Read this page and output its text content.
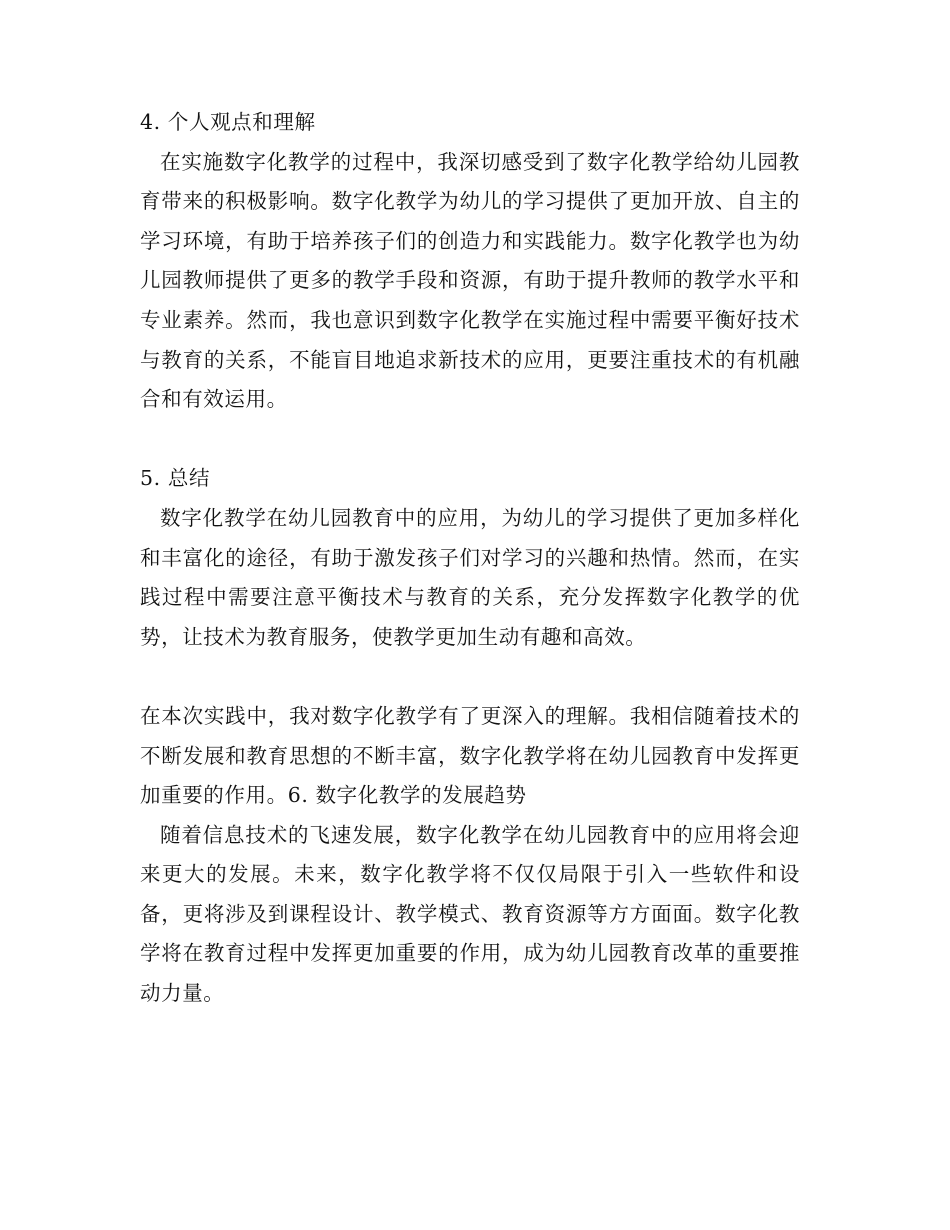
4. 个人观点和理解

在实施数字化教学的过程中，我深切感受到了数字化教学给幼儿园教育带来的积极影响。数字化教学为幼儿的学习提供了更加开放、自主的学习环境，有助于培养孩子们的创造力和实践能力。数字化教学也为幼儿园教师提供了更多的教学手段和资源，有助于提升教师的教学水平和专业素养。然而，我也意识到数字化教学在实施过程中需要平衡好技术与教育的关系，不能盲目地追求新技术的应用，更要注重技术的有机融合和有效运用。

5. 总结

数字化教学在幼儿园教育中的应用，为幼儿的学习提供了更加多样化和丰富化的途径，有助于激发孩子们对学习的兴趣和热情。然而，在实践过程中需要注意平衡技术与教育的关系，充分发挥数字化教学的优势，让技术为教育服务，使教学更加生动有趣和高效。

在本次实践中，我对数字化教学有了更深入的理解。我相信随着技术的不断发展和教育思想的不断丰富，数字化教学将在幼儿园教育中发挥更加重要的作用。6. 数字化教学的发展趋势

随着信息技术的飞速发展，数字化教学在幼儿园教育中的应用将会迎来更大的发展。未来，数字化教学将不仅仅局限于引入一些软件和设备，更将涉及到课程设计、教学模式、教育资源等方方面面。数字化教学将在教育过程中发挥更加重要的作用，成为幼儿园教育改革的重要推动力量。
